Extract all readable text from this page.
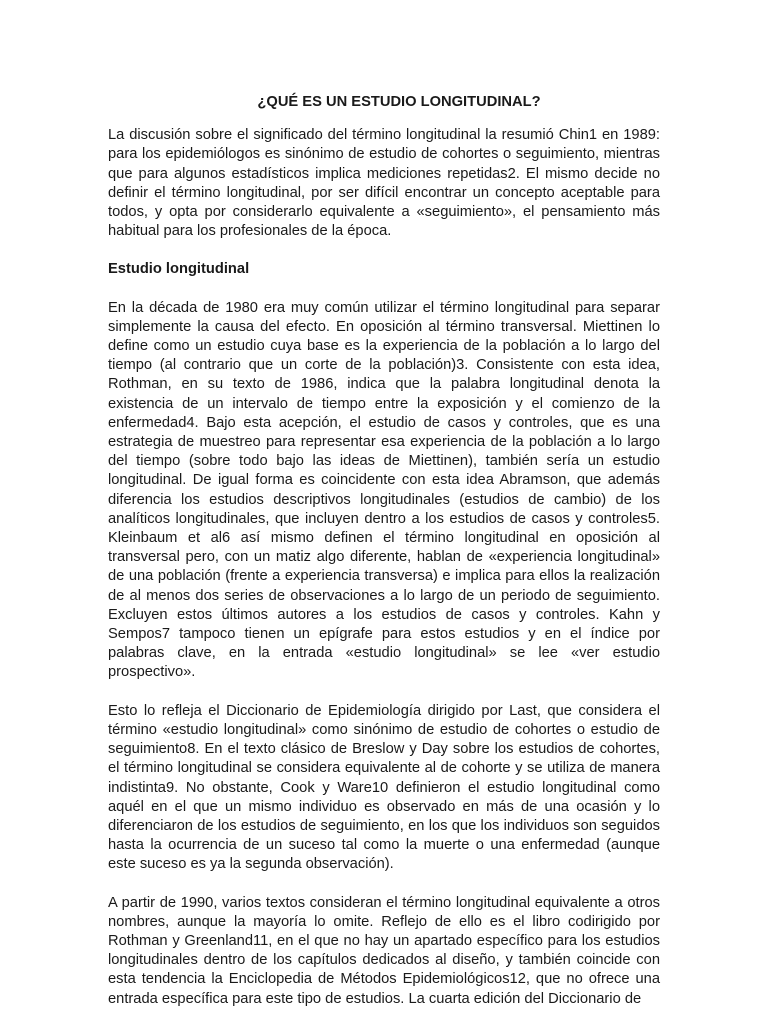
¿QUÉ ES UN ESTUDIO LONGITUDINAL?

La discusión sobre el significado del término longitudinal la resumió Chin1 en 1989: para los epidemiólogos es sinónimo de estudio de cohortes o seguimiento, mientras que para algunos estadísticos implica mediciones repetidas2. El mismo decide no definir el término longitudinal, por ser difícil encontrar un concepto aceptable para todos, y opta por considerarlo equivalente a «seguimiento», el pensamiento más habitual para los profesionales de la época.

Estudio longitudinal

En la década de 1980 era muy común utilizar el término longitudinal para separar simplemente la causa del efecto. En oposición al término transversal. Miettinen lo define como un estudio cuya base es la experiencia de la población a lo largo del tiempo (al contrario que un corte de la población)3. Consistente con esta idea, Rothman, en su texto de 1986, indica que la palabra longitudinal denota la existencia de un intervalo de tiempo entre la exposición y el comienzo de la enfermedad4. Bajo esta acepción, el estudio de casos y controles, que es una estrategia de muestreo para representar esa experiencia de la población a lo largo del tiempo (sobre todo bajo las ideas de Miettinen), también sería un estudio longitudinal. De igual forma es coincidente con esta idea Abramson, que además diferencia los estudios descriptivos longitudinales (estudios de cambio) de los analíticos longitudinales, que incluyen dentro a los estudios de casos y controles5. Kleinbaum et al6 así mismo definen el término longitudinal en oposición al transversal pero, con un matiz algo diferente, hablan de «experiencia longitudinal» de una población (frente a experiencia transversa) e implica para ellos la realización de al menos dos series de observaciones a lo largo de un periodo de seguimiento. Excluyen estos últimos autores a los estudios de casos y controles. Kahn y Sempos7 tampoco tienen un epígrafe para estos estudios y en el índice por palabras clave, en la entrada «estudio longitudinal» se lee «ver estudio prospectivo».

Esto lo refleja el Diccionario de Epidemiología dirigido por Last, que considera el término «estudio longitudinal» como sinónimo de estudio de cohortes o estudio de seguimiento8. En el texto clásico de Breslow y Day sobre los estudios de cohortes, el término longitudinal se considera equivalente al de cohorte y se utiliza de manera indistinta9. No obstante, Cook y Ware10 definieron el estudio longitudinal como aquél en el que un mismo individuo es observado en más de una ocasión y lo diferenciaron de los estudios de seguimiento, en los que los individuos son seguidos hasta la ocurrencia de un suceso tal como la muerte o una enfermedad (aunque este suceso es ya la segunda observación).

A partir de 1990, varios textos consideran el término longitudinal equivalente a otros nombres, aunque la mayoría lo omite. Reflejo de ello es el libro codirigido por Rothman y Greenland11, en el que no hay un apartado específico para los estudios longitudinales dentro de los capítulos dedicados al diseño, y también coincide con esta tendencia la Enciclopedia de Métodos Epidemiológicos12, que no ofrece una entrada específica para este tipo de estudios. La cuarta edición del Diccionario de
